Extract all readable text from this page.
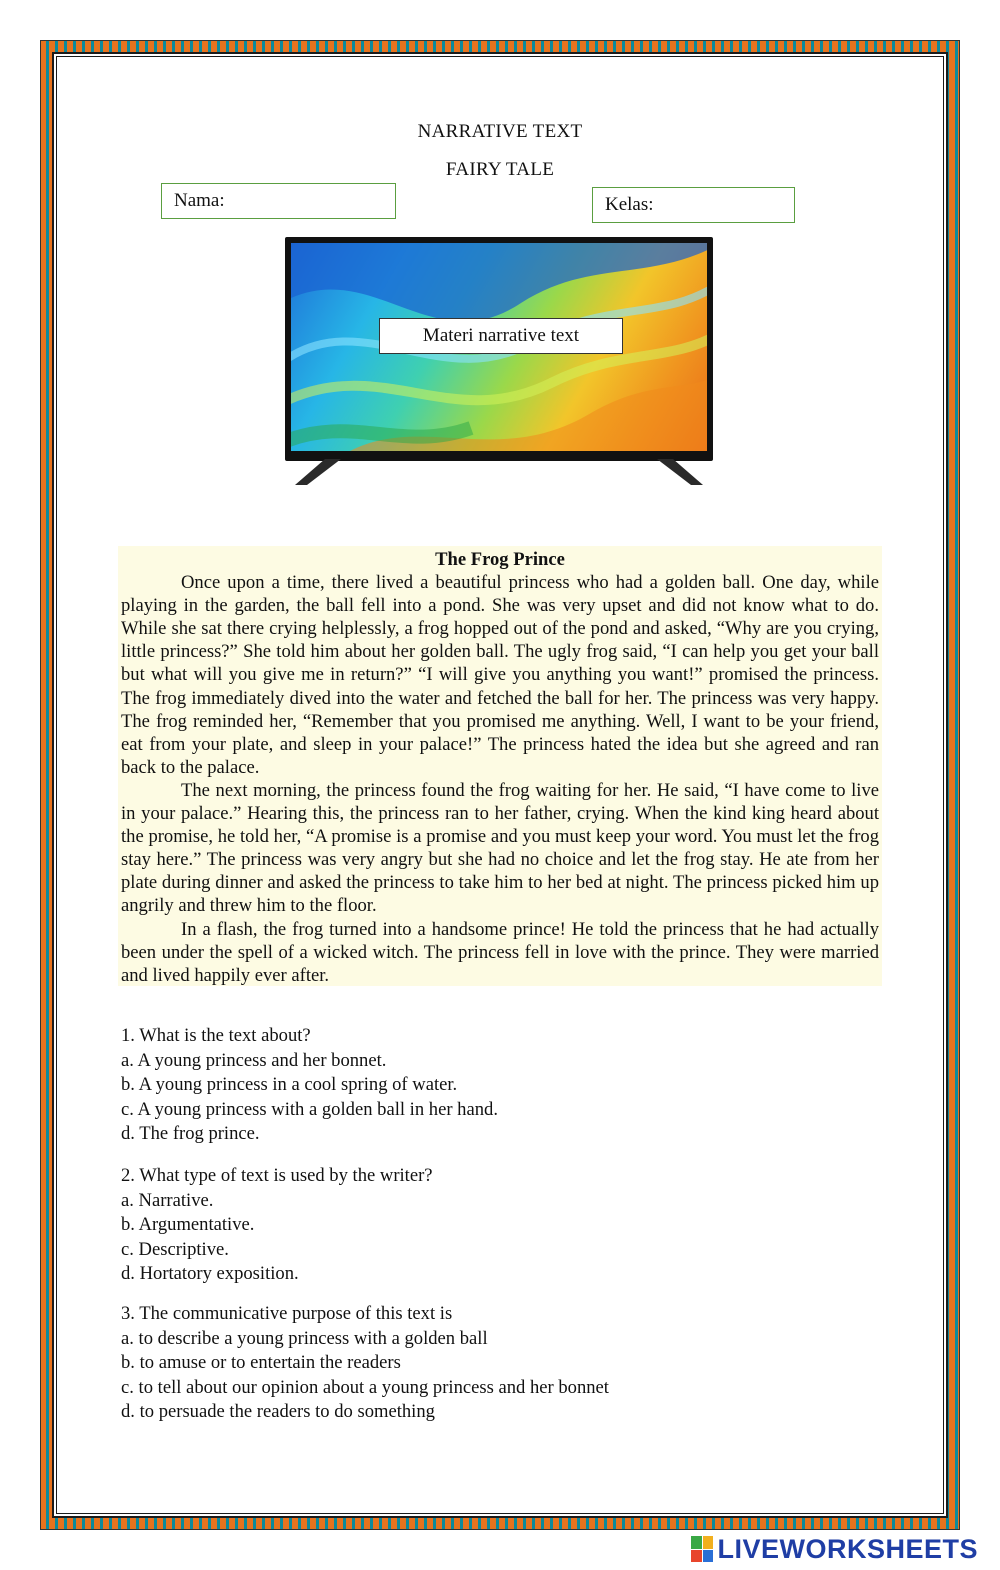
NARRATIVE TEXT
FAIRY TALE
Nama:	Kelas:
Materi narrative text
The Frog Prince

Once upon a time, there lived a beautiful princess who had a golden ball. One day, while playing in the garden, the ball fell into a pond. She was very upset and did not know what to do. While she sat there crying helplessly, a frog hopped out of the pond and asked, “Why are you crying, little princess?” She told him about her golden ball. The ugly frog said, “I can help you get your ball but what will you give me in return?” “I will give you anything you want!” promised the princess. The frog immediately dived into the water and fetched the ball for her. The princess was very happy. The frog reminded her, “Remember that you promised me anything. Well, I want to be your friend, eat from your plate, and sleep in your palace!” The princess hated the idea but she agreed and ran back to the palace.

The next morning, the princess found the frog waiting for her. He said, “I have come to live in your palace.” Hearing this, the princess ran to her father, crying. When the kind king heard about the promise, he told her, “A promise is a promise and you must keep your word. You must let the frog stay here.” The princess was very angry but she had no choice and let the frog stay. He ate from her plate during dinner and asked the princess to take him to her bed at night. The princess picked him up angrily and threw him to the floor.

In a flash, the frog turned into a handsome prince! He told the princess that he had actually been under the spell of a wicked witch. The princess fell in love with the prince. They were married and lived happily ever after.

1. What is the text about?
a. A young princess and her bonnet.
b. A young princess in a cool spring of water.
c. A young princess with a golden ball in her hand.
d. The frog prince.
2. What type of text is used by the writer?
a. Narrative.
b. Argumentative.
c. Descriptive.
d. Hortatory exposition.
3. The communicative purpose of this text is
a. to describe a young princess with a golden ball
b. to amuse or to entertain the readers
c. to tell about our opinion about a young princess and her bonnet
d. to persuade the readers to do something
LIVEWORKSHEETS
